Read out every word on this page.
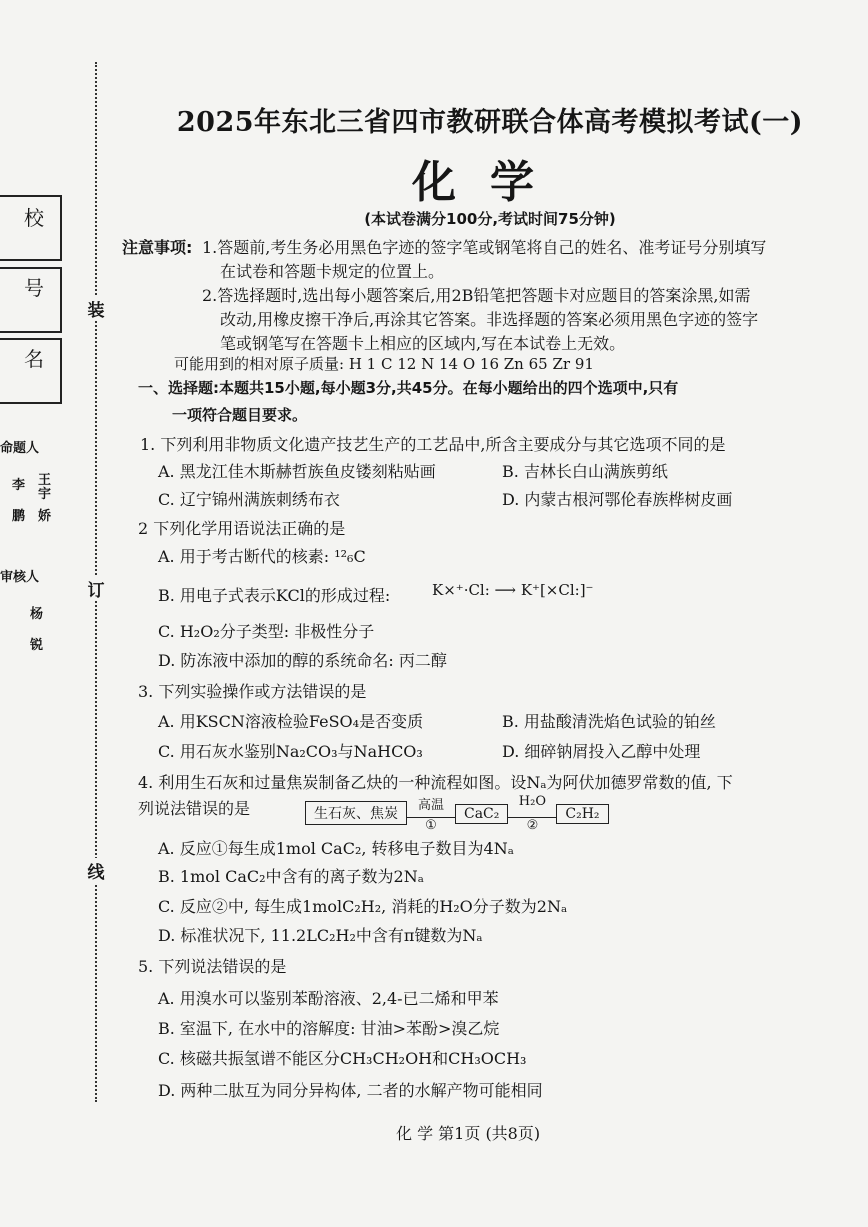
装
订
线
校
号
名
命题人
李 王宇
鹏 娇
审核人
杨
锐
2025年东北三省四市教研联合体高考模拟考试(一)
化学
(本试卷满分100分,考试时间75分钟)
注意事项: 1.答题前,考生务必用黑色字迹的签字笔或钢笔将自己的姓名、准考证号分别填写
在试卷和答题卡规定的位置上。
2.答选择题时,选出每小题答案后,用2B铅笔把答题卡对应题目的答案涂黑,如需
改动,用橡皮擦干净后,再涂其它答案。非选择题的答案必须用黑色字迹的签字
笔或钢笔写在答题卡上相应的区域内,写在本试卷上无效。
可能用到的相对原子质量: H 1 C 12 N 14 O 16 Zn 65 Zr 91
一、选择题:本题共15小题,每小题3分,共45分。在每小题给出的四个选项中,只有
一项符合题目要求。
1. 下列利用非物质文化遗产技艺生产的工艺品中,所含主要成分与其它选项不同的是
A. 黑龙江佳木斯赫哲族鱼皮镂刻粘贴画	B. 吉林长白山满族剪纸
C. 辽宁锦州满族刺绣布衣	D. 内蒙古根河鄂伦春族桦树皮画
2 下列化学用语说法正确的是
A. 用于考古断代的核素: ¹²₆C
B. 用电子式表示KCl的形成过程:	K×⁺·Cl: ⟶ K⁺[×Cl:]⁻
C. H₂O₂分子类型: 非极性分子
D. 防冻液中添加的醇的系统命名: 丙二醇
3. 下列实验操作或方法错误的是
A. 用KSCN溶液检验FeSO₄是否变质	B. 用盐酸清洗焰色试验的铂丝
C. 用石灰水鉴别Na₂CO₃与NaHCO₃	D. 细碎钠屑投入乙醇中处理
4. 利用生石灰和过量焦炭制备乙炔的一种流程如图。设Nₐ为阿伏加德罗常数的值, 下
列说法错误的是	生石灰、焦炭
高温
①
CaC₂
H₂O
②
C₂H₂
A. 反应①每生成1mol CaC₂, 转移电子数目为4Nₐ
B. 1mol CaC₂中含有的离子数为2Nₐ
C. 反应②中, 每生成1molC₂H₂, 消耗的H₂O分子数为2Nₐ
D. 标准状况下, 11.2LC₂H₂中含有π键数为Nₐ
5. 下列说法错误的是
A. 用溴水可以鉴别苯酚溶液、2,4-已二烯和甲苯
B. 室温下, 在水中的溶解度: 甘油>苯酚>溴乙烷
C. 核磁共振氢谱不能区分CH₃CH₂OH和CH₃OCH₃
D. 两种二肽互为同分异构体, 二者的水解产物可能相同
化 学 第1页 (共8页)
